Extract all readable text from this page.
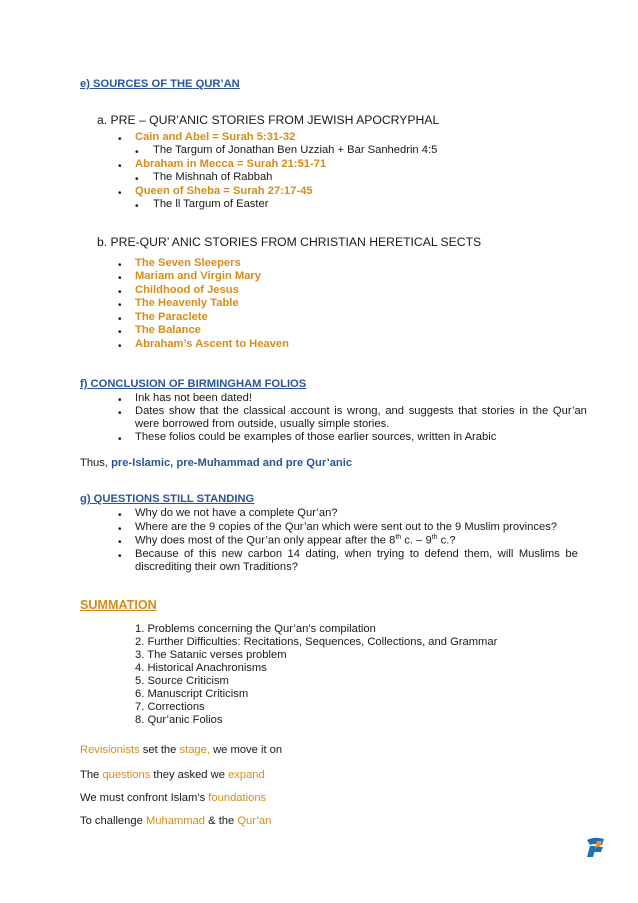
e) SOURCES OF THE QUR’AN
a. PRE – QUR’ANIC STORIES FROM JEWISH APOCRYPHAL
• Cain and Abel = Surah 5:31-32
• The Targum of Jonathan Ben Uzziah + Bar Sanhedrin 4:5
• Abraham in Mecca = Surah 21:51-71
• The Mishnah of Rabbah
• Queen of Sheba = Surah 27:17-45
• The ll Targum of Easter
b. PRE-QUR’ ANIC STORIES FROM CHRISTIAN HERETICAL SECTS
• The Seven Sleepers
• Mariam and Virgin Mary
• Childhood of Jesus
• The Heavenly Table
• The Paraclete
• The Balance
• Abraham’s Ascent to Heaven
f) CONCLUSION OF BIRMINGHAM FOLIOS
• Ink has not been dated!
• Dates show that the classical account is wrong, and suggests that stories in the Qur’an
were borrowed from outside, usually simple stories.
• These folios could be examples of those earlier sources, written in Arabic
Thus, pre-Islamic, pre-Muhammad and pre Qur’anic
g) QUESTIONS STILL STANDING
• Why do we not have a complete Qur’an?
• Where are the 9 copies of the Qur’an which were sent out to the 9 Muslim provinces?
• Why does most of the Qur’an only appear after the 8th c. – 9th c.?
• Because of this new carbon 14 dating, when trying to defend them, will Muslims be
discrediting their own Traditions?
SUMMATION
1. Problems concerning the Qur’an’s compilation
2. Further Difficulties: Recitations, Sequences, Collections, and Grammar
3. The Satanic verses problem
4. Historical Anachronisms
5. Source Criticism
6. Manuscript Criticism
7. Corrections
8. Qur’anic Folios
Revisionists set the stage, we move it on
The questions they asked we expand
We must confront Islam’s foundations
To challenge Muhammad & the Qur’an
